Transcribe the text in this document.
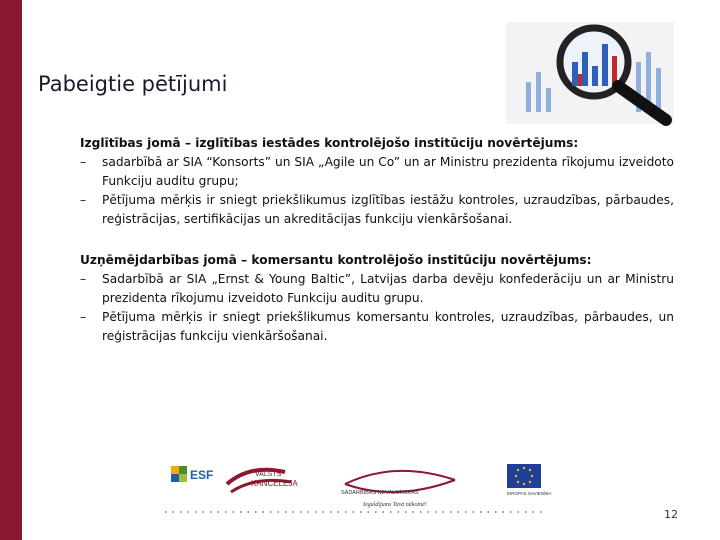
Pabeigtie pētījumi
Izglītības jomā – izglītības iestādes kontrolējošo institūciju novērtējums:
– sadarbībā ar SIA “Konsorts” un SIA „Agile un Co” un ar Ministru prezidenta rīkojumu izveidoto Funkciju auditu grupu;
– Pētījuma mērķis ir sniegt priekšlikumus izglītības iestāžu kontroles, uzraudzības, pārbaudes, reģistrācijas, sertifikācijas un akreditācijas funkciju vienkāršošanai.
Uzņēmējdarbības jomā – komersantu kontrolējošo institūciju novērtējums:
– Sadarbībā ar SIA „Ernst & Young Baltic”, Latvijas darba devēju konfederāciju un ar Ministru prezidenta rīkojumu izveidoto Funkciju auditu grupu.
– Pētījuma mērķis ir sniegt priekšlikumus komersantu kontroles, uzraudzības, pārbaudes, un reģistrācijas funkciju vienkāršošanai.
ESF	VALSTS
KANCELEJA
SADARBĪBAS NEVALSTISKAS	EIROPAS SAVIENĪBA
Ieguldījums Tavā nākotnē!
12
